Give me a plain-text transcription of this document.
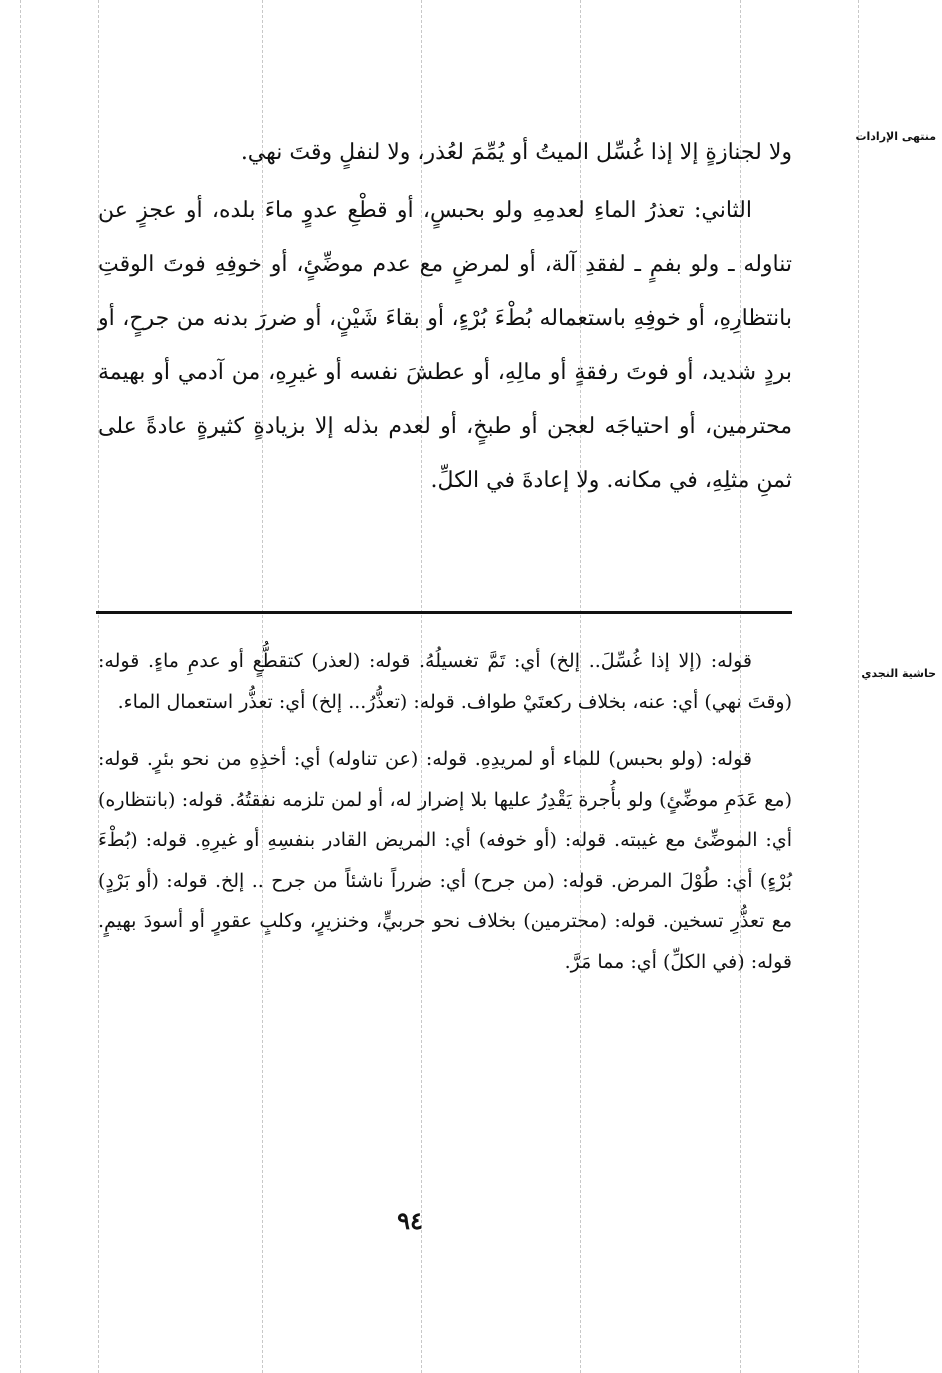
منتهى الإرادات
حاشية النجدي

ولا لجنازةٍ إلا إذا غُسِّل الميتُ أو يُمِّمَ لعُذر، ولا لنفلٍ وقتَ نهي.

الثاني: تعذرُ الماءِ لعدمِهِ ولو بحبسٍ، أو قطْعِ عدوٍ ماءَ بلده، أو عجزٍ عن تناوله ـ ولو بفمٍ ـ لفقدِ آلة، أو لمرضٍ مع عدم موضِّئٍ، أو خوفِهِ فوتَ الوقتِ بانتظارِهِ، أو خوفِهِ باستعماله بُطْءَ بُرْءٍ، أو بقاءَ شَيْنٍ، أو ضررَ بدنه من جرحٍ، أو بردٍ شديد، أو فوتَ رفقةٍ أو مالِهِ، أو عطشَ نفسه أو غيرِهِ، من آدمي أو بهيمة محترمين، أو احتياجَه لعجن أو طبخٍ، أو لعدم بذله إلا بزيادةٍ كثيرةٍ عادةً على ثمنِ مثلِهِ، في مكانه. ولا إعادةَ في الكلِّ.

قوله: (إلا إذا غُسِّلَ.. إلخ) أي: تَمَّ تغسيلُهُ. قوله: (لعذر) كتقطُّعٍ أو عدمِ ماءٍ. قوله: (وقتَ نهي) أي: عنه، بخلاف ركعتَيْ طواف. قوله: (تعذُّرُ... إلخ) أي: تعذُّر استعمال الماء.

قوله: (ولو بحبس) للماء أو لمريدِهِ. قوله: (عن تناوله) أي: أخذِهِ من نحو بئرٍ. قوله: (مع عَدَمِ موضِّئٍ) ولو بأُجرة يَقْدِرُ عليها بلا إضرار له، أو لمن تلزمه نفقتُهُ. قوله: (بانتظاره) أي: الموضِّئ مع غيبته. قوله: (أو خوفه) أي: المريض القادر بنفسِهِ أو غيرِهِ. قوله: (بُطْءَ بُرْءٍ) أي: طُوْلَ المرض. قوله: (من جرح) أي: ضرراً ناشئاً من جرح .. إلخ. قوله: (أو بَرْدٍ) مع تعذُّرِ تسخين. قوله: (محترمين) بخلاف نحو حربيٍّ، وخنزيرٍ، وكلبٍ عقورٍ أو أسودَ بهيمٍ. قوله: (في الكلِّ) أي: مما مَرَّ.

٩٤
